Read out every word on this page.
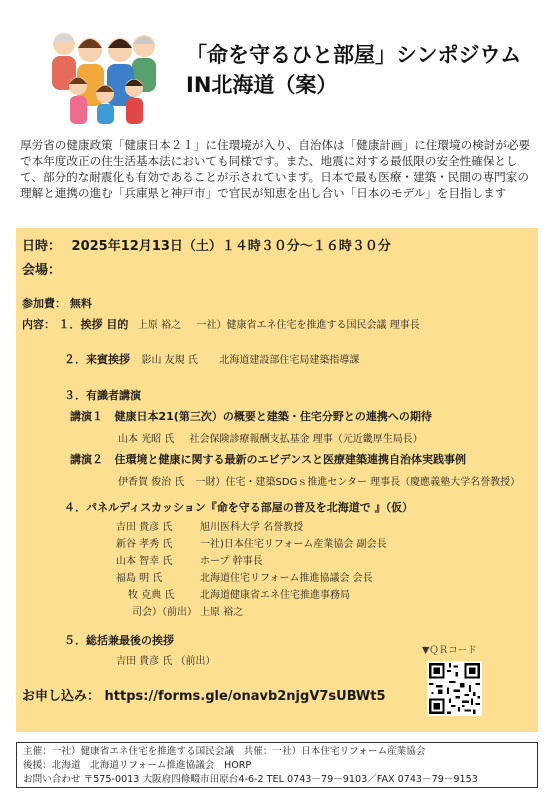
「命を守るひと部屋」シンポジウム
IN北海道（案）
厚労省の健康政策「健康日本２１」に住環境が入り、自治体は「健康計画」に住環境の検討が必要で本年度改正の住生活基本法においても同様です。また、地震に対する最低限の安全性確保として、部分的な耐震化も有効であることが示されています。日本で最も医療・建築・民間の専門家の理解と連携の進む「兵庫県と神戸市」で官民が知恵を出し合い「日本のモデル」を目指します
日時： 2025年12月13日（土）１４時３０分～１６時３０分
会場：
参加費： 無料
内容： １．挨拶 目的 上原 裕之 一社）健康省エネ住宅を推進する国民会議 理事長
２．来賓挨拶 影山 友規 氏 北海道建設部住宅局建築指導課
３．有識者講演
講演１ 健康日本21(第三次）の概要と建築・住宅分野との連携への期待
山本 光昭 氏 社会保険診療報酬支払基金 理事（元近畿厚生局長）
講演２ 住環境と健康に関する最新のエビデンスと医療建築連携自治体実践事例
伊香賀 俊治 氏 一財）住宅・建築SDGｓ推進センター 理事長（慶應義塾大学名誉教授）
４．パネルディスカッション『命を守る部屋の普及を北海道で 』（仮）
吉田 貴彦 氏	旭川医科大学 名誉教授
新谷 孝秀 氏	一社)日本住宅リフォーム産業協会 副会長
山本 智幸 氏	ホープ 幹事長
福島 明 氏	北海道住宅リフォーム推進協議会 会長
牧 克典 氏	北海道健康省エネ住宅推進事務局
司会）（前出） 上原 裕之
５．総括兼最後の挨拶
吉田 貴彦 氏 （前出）
▼ＱＲコード
お申し込み： https://forms.gle/onavb2njgV7sUBWt5
主催：一社）健康省エネ住宅を推進する国民会議　共催：一社）日本住宅リフォーム産業協会
後援：北海道　北海道リフォーム推進協議会　HORP
お問い合わせ 〒575-0013 大阪府四條畷市田原台4-6-2 TEL 0743－79－9103／FAX 0743－79－9153
